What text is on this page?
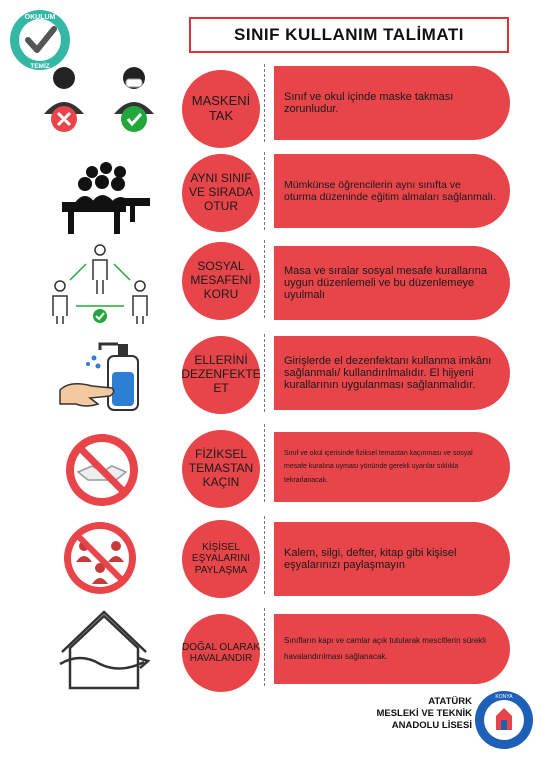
OKULUM
TEMİZ
SINIF KULLANIM TALİMATI
MASKENİ TAK
Sınıf ve okul içinde maske takması zorunludur.
AYNI SINIF VE SIRADA OTUR
Mümkünse öğrencilerin aynı sınıfta ve oturma düzeninde eğitim almaları sağlanmalı.
SOSYAL MESAFENİ KORU
Masa ve sıralar sosyal mesafe kurallarına uygun düzenlemeli ve bu düzenlemeye uyulmalı
ELLERİNİ DEZENFEKTE ET
Girişlerde el dezenfektanı kullanma imkânı sağlanmalı/ kullandırılmalıdır. El hijyeni kurallarının uygulanması sağlanmalıdır.
FİZİKSEL TEMASTAN KAÇIN
Sınıf ve okul içerisinde fiziksel temastan kaçınması ve sosyal mesafe kuralına uyması yönünde gerekli uyarılar sıklıkla tekrarlanacak.
KİŞİSEL EŞYALARINI PAYLAŞMA
Kalem, silgi, defter, kitap gibi kişisel eşyalarınızı paylaşmayın
DOĞAL OLARAK HAVALANDIR
Sınıfların kapı ve camlar açık tutularak mescitlerin sürekli havalandırılması sağlanacak.
ATATÜRK
MESLEKİ VE TEKNİK
ANADOLU LİSESİ
KONYA
